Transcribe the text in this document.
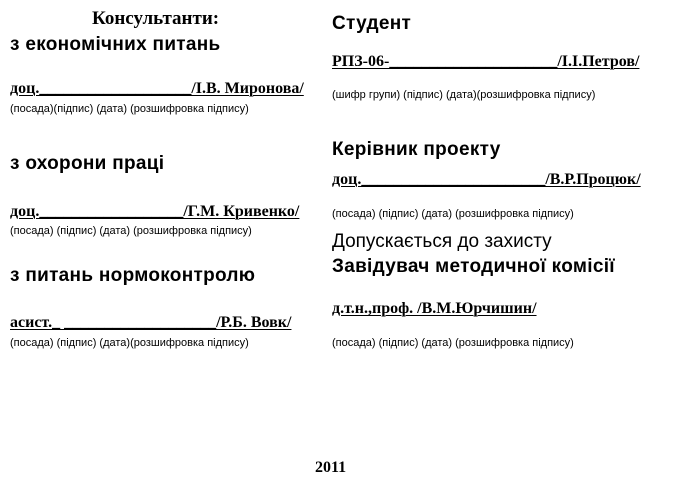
Консультанти:
з економічних питань
доц.___________________/І.В. Миронова/
(посада)(підпис) (дата) (розшифровка підпису)
з охорони праці
доц.__________________/Г.М. Кривенко/
(посада) (підпис) (дата) (розшифровка підпису)
з питань нормоконтролю
асист._ ___________________/Р.Б. Вовк/
(посада) (підпис) (дата)(розшифровка підпису)
Студент
РПЗ-06-_____________________/І.І.Петров/
(шифр групи) (підпис) (дата)(розшифровка підпису)
Керівник проекту
доц._______________________/В.Р.Процюк/
(посада) (підпис) (дата) (розшифровка підпису)
Допускається до захисту
Завідувач методичної комісії
д.т.н.,проф. /В.М.Юрчишин/
(посада) (підпис) (дата) (розшифровка підпису)
2011
